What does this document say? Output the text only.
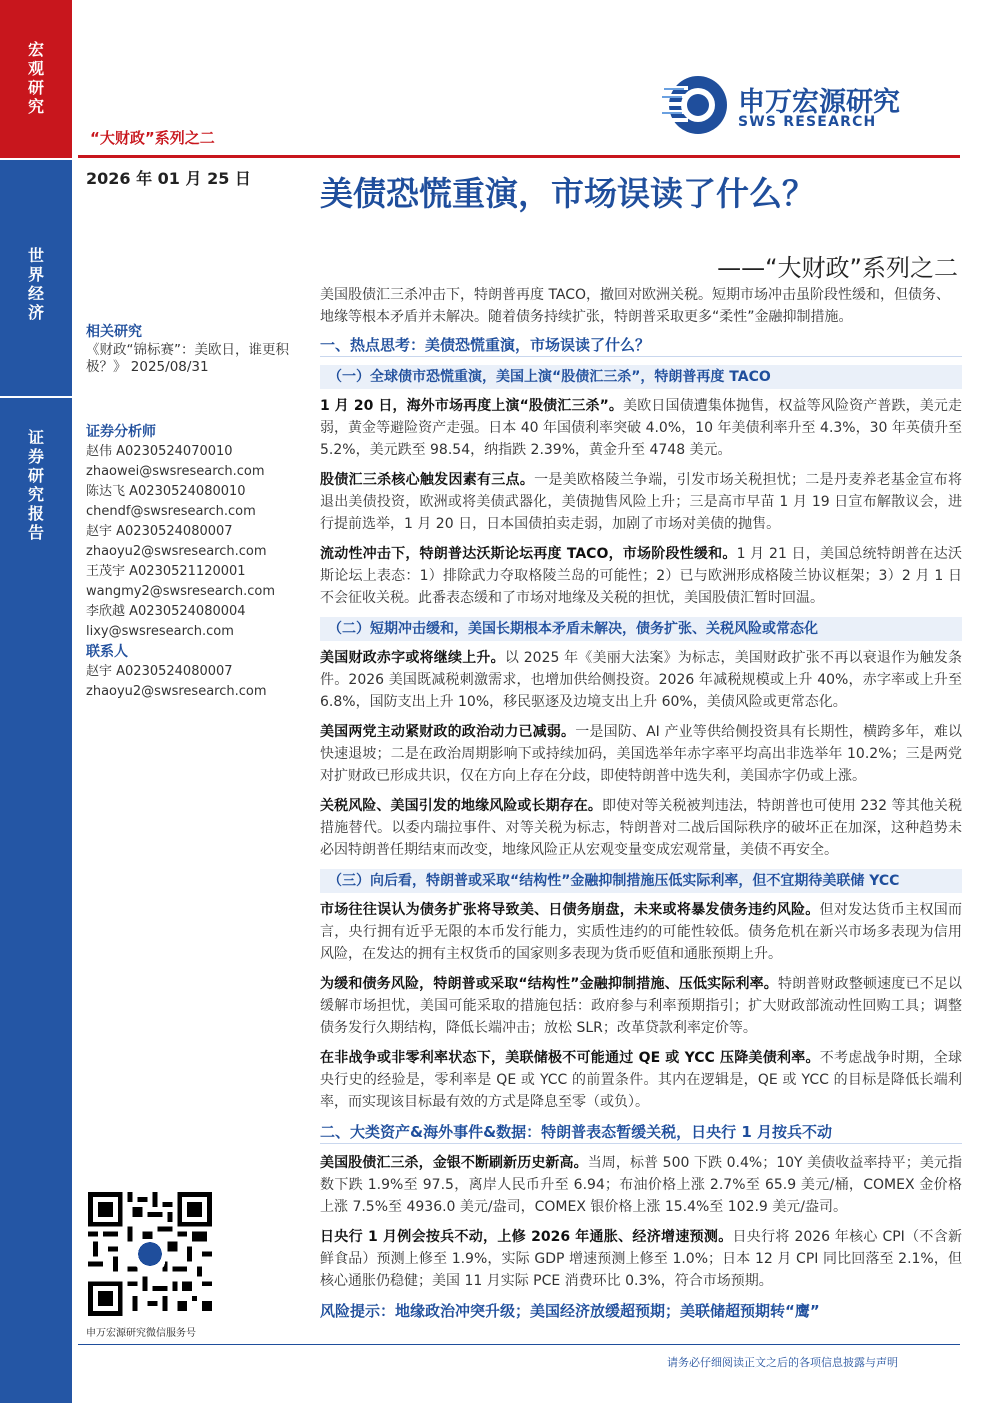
宏观研究
世界经济
证券研究报告
“大财政”系列之二
申万宏源研究
SWS RESEARCH
2026 年 01 月 25 日 美债恐慌重演，市场误读了什么？
——“大财政”系列之二
相关研究
《财政“锦标赛”：美欧日，谁更积极？》 2025/08/31
证券分析师
赵伟 A0230524070010
zhaowei@swsresearch.com
陈达飞 A0230524080010
chendf@swsresearch.com
赵宇 A0230524080007
zhaoyu2@swsresearch.com
王茂宇 A0230521120001
wangmy2@swsresearch.com
李欣越 A0230524080004
lixy@swsresearch.com
联系人
赵宇 A0230524080007
zhaoyu2@swsresearch.com
申万宏源研究微信服务号
美国股债汇三杀冲击下，特朗普再度 TACO，撤回对欧洲关税。短期市场冲击虽阶段性缓和，但债务、地缘等根本矛盾并未解决。随着债务持续扩张，特朗普采取更多“柔性”金融抑制措施。
一、热点思考：美债恐慌重演，市场误读了什么？
（一）全球债市恐慌重演，美国上演“股债汇三杀”，特朗普再度 TACO
1 月 20 日，海外市场再度上演“股债汇三杀”。美欧日国债遭集体抛售，权益等风险资产普跌，美元走弱，黄金等避险资产走强。日本 40 年国债利率突破 4.0%，10 年美债利率升至 4.3%，30 年英债升至 5.2%，美元跌至 98.54，纳指跌 2.39%，黄金升至 4748 美元。
股债汇三杀核心触发因素有三点。一是美欧格陵兰争端，引发市场关税担忧；二是丹麦养老基金宣布将退出美债投资，欧洲或将美债武器化，美债抛售风险上升；三是高市早苗 1 月 19 日宣布解散议会，进行提前选举，1 月 20 日，日本国债拍卖走弱，加剧了市场对美债的抛售。
流动性冲击下，特朗普达沃斯论坛再度 TACO，市场阶段性缓和。1 月 21 日，美国总统特朗普在达沃斯论坛上表态：1）排除武力夺取格陵兰岛的可能性；2）已与欧洲形成格陵兰协议框架；3）2 月 1 日不会征收关税。此番表态缓和了市场对地缘及关税的担忧，美国股债汇暂时回温。
（二）短期冲击缓和，美国长期根本矛盾未解决，债务扩张、关税风险或常态化
美国财政赤字或将继续上升。以 2025 年《美丽大法案》为标志，美国财政扩张不再以衰退作为触发条件。2026 美国既减税刺激需求，也增加供给侧投资。2026 年减税规模或上升 40%，赤字率或上升至 6.8%，国防支出上升 10%，移民驱逐及边境支出上升 60%，美债风险或更常态化。
美国两党主动紧财政的政治动力已减弱。一是国防、AI 产业等供给侧投资具有长期性，横跨多年，难以快速退坡；二是在政治周期影响下或持续加码，美国选举年赤字率平均高出非选举年 10.2%；三是两党对扩财政已形成共识，仅在方向上存在分歧，即使特朗普中选失利，美国赤字仍或上涨。
关税风险、美国引发的地缘风险或长期存在。即使对等关税被判违法，特朗普也可使用 232 等其他关税措施替代。以委内瑞拉事件、对等关税为标志，特朗普对二战后国际秩序的破坏正在加深，这种趋势未必因特朗普任期结束而改变，地缘风险正从宏观变量变成宏观常量，美债不再安全。
（三）向后看，特朗普或采取“结构性”金融抑制措施压低实际利率，但不宜期待美联储 YCC
市场往往误认为债务扩张将导致美、日债务崩盘，未来或将暴发债务违约风险。但对发达货币主权国而言，央行拥有近乎无限的本币发行能力，实质性违约的可能性较低。债务危机在新兴市场多表现为信用风险，在发达的拥有主权货币的国家则多表现为货币贬值和通胀预期上升。
为缓和债务风险，特朗普或采取“结构性”金融抑制措施、压低实际利率。特朗普财政整顿速度已不足以缓解市场担忧，美国可能采取的措施包括：政府参与利率预期指引；扩大财政部流动性回购工具；调整债务发行久期结构，降低长端冲击；放松 SLR；改革贷款利率定价等。
在非战争或非零利率状态下，美联储极不可能通过 QE 或 YCC 压降美债利率。不考虑战争时期，全球央行史的经验是，零利率是 QE 或 YCC 的前置条件。其内在逻辑是，QE 或 YCC 的目标是降低长端利率，而实现该目标最有效的方式是降息至零（或负）。
二、大类资产&海外事件&数据：特朗普表态暂缓关税，日央行 1 月按兵不动
美国股债汇三杀，金银不断刷新历史新高。当周，标普 500 下跌 0.4%；10Y 美债收益率持平；美元指数下跌 1.9%至 97.5，离岸人民币升至 6.94；布油价格上涨 2.7%至 65.9 美元/桶，COMEX 金价格上涨 7.5%至 4936.0 美元/盎司，COMEX 银价格上涨 15.4%至 102.9 美元/盎司。
日央行 1 月例会按兵不动，上修 2026 年通胀、经济增速预测。日央行将 2026 年核心 CPI（不含新鲜食品）预测上修至 1.9%，实际 GDP 增速预测上修至 1.0%；日本 12 月 CPI 同比回落至 2.1%，但核心通胀仍稳健；美国 11 月实际 PCE 消费环比 0.3%，符合市场预期。
风险提示：地缘政治冲突升级；美国经济放缓超预期；美联储超预期转“鹰”
请务必仔细阅读正文之后的各项信息披露与声明
